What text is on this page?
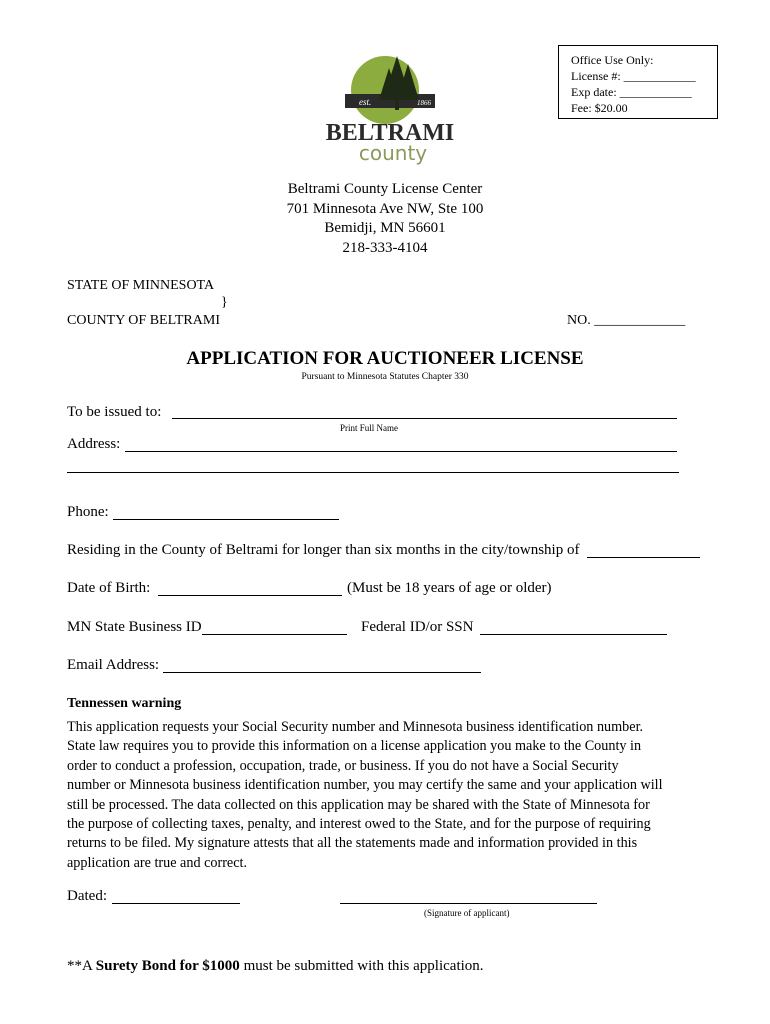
Office Use Only:
License #: ____________
Exp date: ____________
Fee: $20.00
est.	1866
BELTRAMI
county
Beltrami County License Center
701 Minnesota Ave NW, Ste 100
Bemidji, MN 56601
218-333-4104
STATE OF MINNESOTA
}
COUNTY OF BELTRAMI	NO. _____________
APPLICATION FOR AUCTIONEER LICENSE
Pursuant to Minnesota Statutes Chapter 330
To be issued to:
Print Full Name
Address:
Phone:
Residing in the County of Beltrami for longer than six months in the city/township of
Date of Birth:	(Must be 18 years of age or older)
MN State Business ID	Federal ID/or SSN
Email Address:
Tennessen warning

This application requests your Social Security number and Minnesota business identification number.

State law requires you to provide this information on a license application you make to the County in

order to conduct a profession, occupation, trade, or business. If you do not have a Social Security

number or Minnesota business identification number, you may certify the same and your application will

still be processed. The data collected on this application may be shared with the State of Minnesota for

the purpose of collecting taxes, penalty, and interest owed to the State, and for the purpose of requiring

returns to be filed. My signature attests that all the statements made and information provided in this

application are true and correct.

Dated:
(Signature of applicant)
**A Surety Bond for $1000 must be submitted with this application.
